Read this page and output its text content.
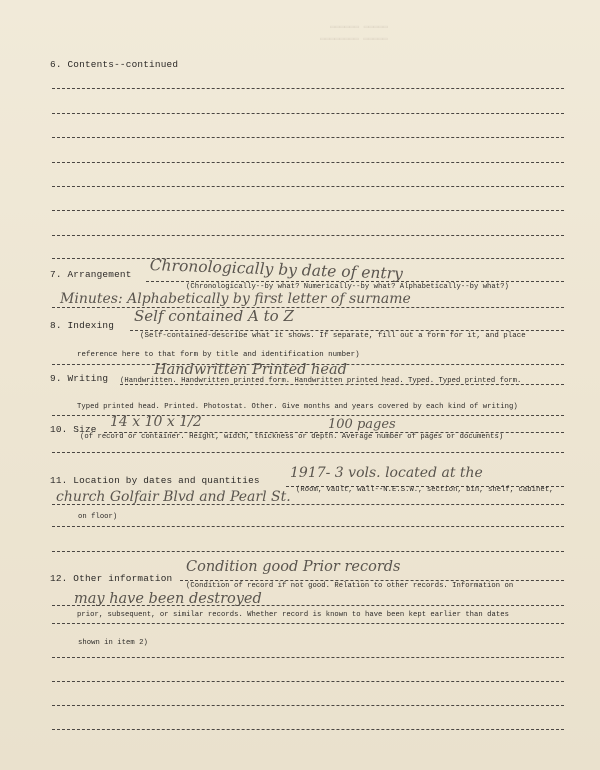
▭▭▭▭▭▭ ▭▭▭▭▭
▭▭▭▭▭▭▭▭ ▭▭▭▭▭
6. Contents--continued
7. Arrangement Chronologically by date of entry
(Chronologically--by what? Numerically--by what? Alphabetically--by what?)
Minutes: Alphabetically by first letter of surname
8. Indexing
Self contained A to Z
(Self-contained-describe what it shows. If separate, fill out a form for it, and place
reference here to that form by title and identification number)
9. Writing
Handwritten Printed head
(Handwritten. Handwritten printed form. Handwritten printed head. Typed. Typed printed form.
Typed printed head. Printed. Photostat. Other. Give months and years covered by each kind of writing)
10. Size 14 x 10 x 1/2	100 pages
(of record or container. Height, width, thickness or depth. Average number of pages or documents)
11. Location by dates and quantities 1917- 3 vols. located at the
(Room, vault, wall--N.E.S.W., section, bin, shelf, cabinet,
church Golfair Blvd and Pearl St.
on floor)
12. Other information
Condition good Prior records
(Condition of record if not good. Relation to other records. Information on
may have been destroyed
prior, subsequent, or similar records. Whether record is known to have been kept earlier than dates
shown in item 2)
